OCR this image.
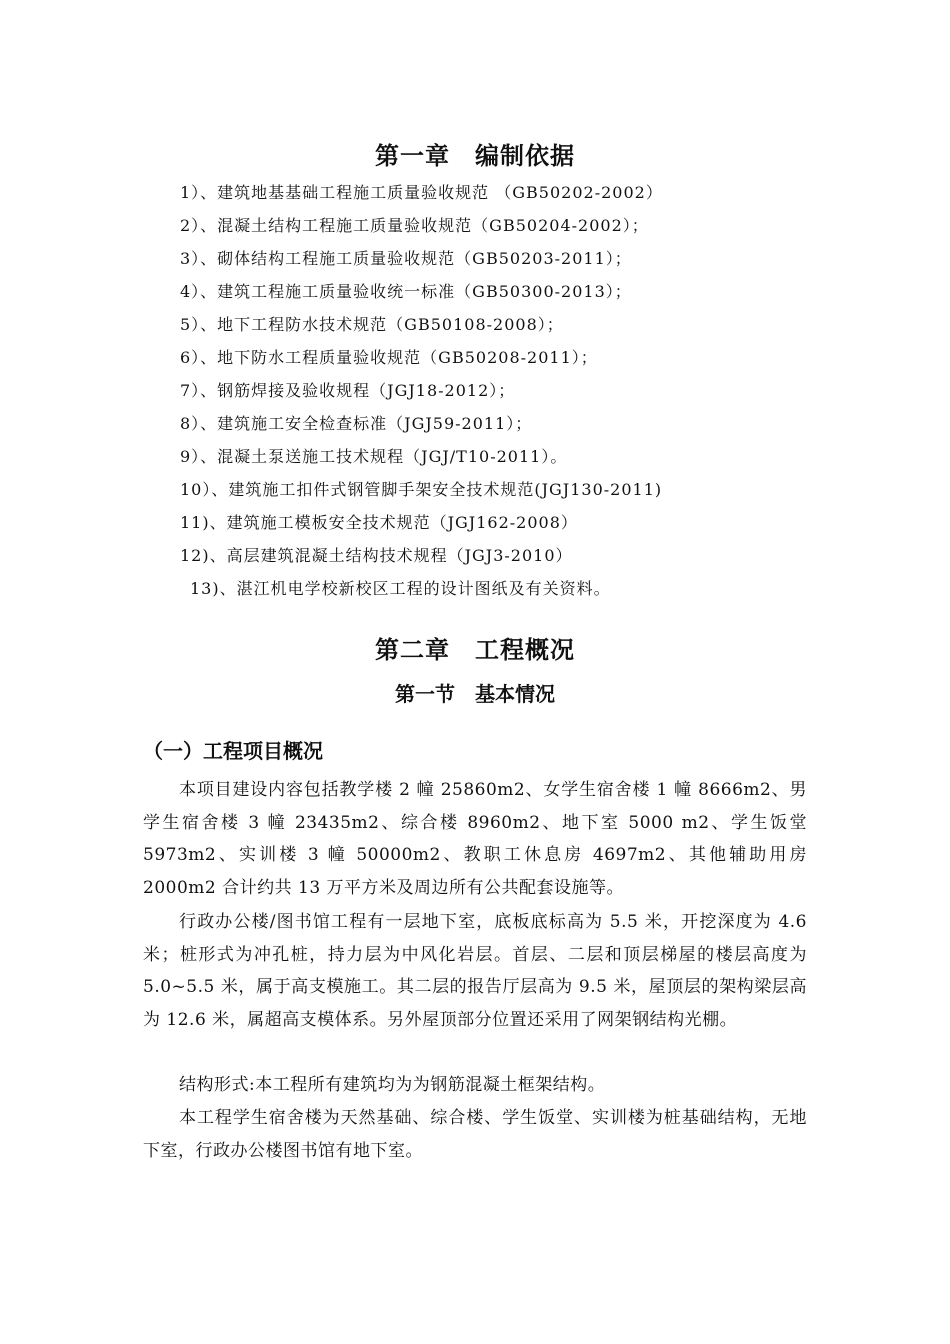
第一章　编制依据
1）、建筑地基基础工程施工质量验收规范 （GB50202-2002）
2）、混凝土结构工程施工质量验收规范（GB50204-2002）；
3）、砌体结构工程施工质量验收规范（GB50203-2011）；
4）、建筑工程施工质量验收统一标准（GB50300-2013）；
5）、地下工程防水技术规范（GB50108-2008）；
6）、地下防水工程质量验收规范（GB50208-2011）；
7）、钢筋焊接及验收规程（JGJ18-2012）；
8）、建筑施工安全检查标准（JGJ59-2011）；
9）、混凝土泵送施工技术规程（JGJ/T10-2011）。
10）、建筑施工扣件式钢管脚手架安全技术规范(JGJ130-2011)
11)、建筑施工模板安全技术规范（JGJ162-2008）
12)、高层建筑混凝土结构技术规程（JGJ3-2010）
13)、湛江机电学校新校区工程的设计图纸及有关资料。
第二章　工程概况
第一节　基本情况
（一）工程项目概况

本项目建设内容包括教学楼 2 幢 25860m2、女学生宿舍楼 1 幢 8666m2、男学生宿舍楼 3 幢 23435m2、综合楼 8960m2、地下室 5000 m2、学生饭堂 5973m2、实训楼 3 幢 50000m2、教职工休息房 4697m2、其他辅助用房 2000m2 合计约共 13 万平方米及周边所有公共配套设施等。

行政办公楼/图书馆工程有一层地下室，底板底标高为 5.5 米，开挖深度为 4.6 米；桩形式为冲孔桩，持力层为中风化岩层。首层、二层和顶层梯屋的楼层高度为 5.0~5.5 米，属于高支模施工。其二层的报告厅层高为 9.5 米，屋顶层的架构梁层高为 12.6 米，属超高支模体系。另外屋顶部分位置还采用了网架钢结构光棚。

结构形式:本工程所有建筑均为为钢筋混凝土框架结构。

本工程学生宿舍楼为天然基础、综合楼、学生饭堂、实训楼为桩基础结构，无地下室，行政办公楼图书馆有地下室。
